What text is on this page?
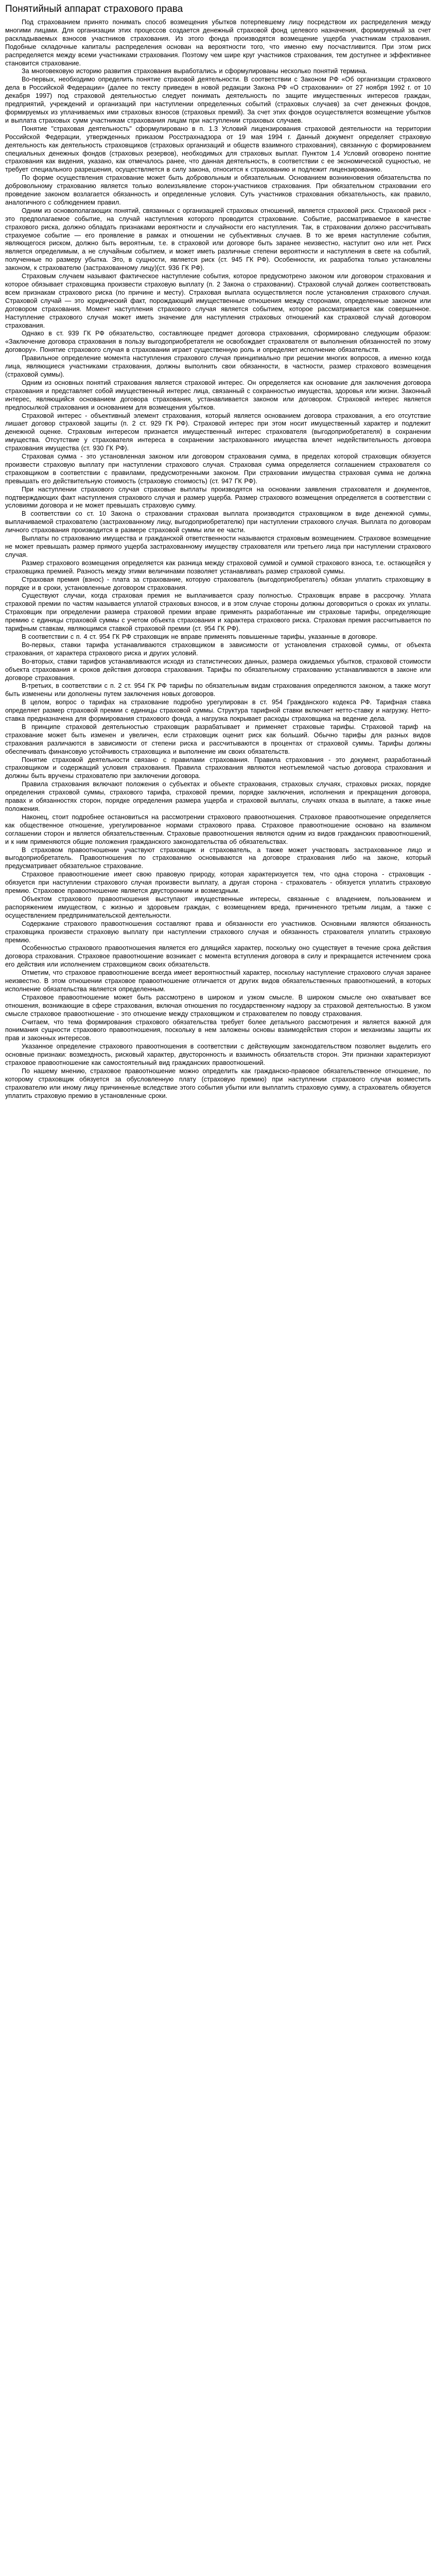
Понятийный аппарат страхового права

Под страхованием принято понимать способ возмещения убытков потерпевшему лицу посредством их распределения между многими лицами. Для организации этих процессов создается денежный страховой фонд целевого назначения, формируемый за счет раскладываемых взносов участников страхования. Из этого фонда производятся возмещение ущерба участникам страхования. Подобные складочные капиталы распределения основан на вероятности того, что именно ему посчастливится. При этом риск распределяется между всеми участниками страхования. Поэтому чем шире круг участников страхования, тем доступнее и эффективнее становится страхование.

За многовековую историю развития страхования выработались и сформулированы несколько понятий термина.

Во-первых, необходимо определить понятие страховой деятельности. В соответствии с Законом РФ «Об организации страхового дела в Российской Федерации» (далее по тексту приведен в новой редакции Закона РФ «О страховании» от 27 ноября 1992 г. от 10 декабря 1997) под страховой деятельностью следует понимать деятельность по защите имущественных интересов граждан, предприятий, учреждений и организаций при наступлении определенных событий (страховых случаев) за счет денежных фондов, формируемых из уплачиваемых ими страховых взносов (страховых премий). За счет этих фондов осуществляется возмещение убытков и выплата страховых сумм участникам страхования лицам при наступлении страховых случаев.

Понятие "страховая деятельность" сформулировано в п. 1.3 Условий лицензирования страховой деятельности на территории Российской Федерации, утвержденных приказом Росстрахнадзора от 19 мая 1994 г. Данный документ определяет страховую деятельность как деятельность страховщиков (страховых организаций и обществ взаимного страхования), связанную с формированием специальных денежных фондов (страховых резервов), необходимых для страховых выплат. Пунктом 1.4 Условий оговорено понятие страхования как видения, указано, как отмечалось ранее, что данная деятельность, в соответствии с ее экономической сущностью, не требует специального разрешения, осуществляется в силу закона, относится к страхованию и подлежит лицензированию.

По форме осуществления страхование может быть добровольным и обязательным. Основанием возникновения обязательства по добровольному страхованию является только волеизъявление сторон-участников страхования. При обязательном страховании его проведение законом возлагается обязанность и определенные условия. Суть участников страхования обязательность, как правило, аналогичного с соблюдением правил.

Одним из основополагающих понятий, связанных с организацией страховых отношений, является страховой риск. Страховой риск - это предполагаемое событие, на случай наступления которого проводится страхование. Событие, рассматриваемое в качестве страхового риска, должно обладать признаками вероятности и случайности его наступления. Так, в страховании должно рассчитывать страхуемое событие — его проявление в рамках и отношении не субъективных случаев. В то же время наступление события, являющегося риском, должно быть вероятным, т.е. в страховой или договоре быть заранее неизвестно, наступит оно или нет. Риск является определимым, а не случайным событием, и может иметь различные степени вероятности и наступления в свете на событий, полученные по размеру убытка. Это, в сущности, является риск (ст. 945 ГК РФ). Особенности, их разработка только установлены законом, к страхователю (застрахованному лицу)(ст. 936 ГК РФ).

Страховым случаем называют фактическое наступление события, которое предусмотрено законом или договором страхования и которое обязывает страховщика произвести страховую выплату (п. 2 Закона о страховании). Страховой случай должен соответствовать всем признакам страхового риска (по причине и месту). Страховая выплата осуществляется после установления страхового случая. Страховой случай — это юридический факт, порождающий имущественные отношения между сторонами, определенные законом или договором страхования. Момент наступления страхового случая является событием, которое рассматривается как совершенное. Наступление страхового случая может иметь значение для наступления страховых отношений как страховой случай договором страхования.

Однако в ст. 939 ГК РФ обязательство, составляющее предмет договора страхования, сформировано следующим образом: «Заключение договора страхования в пользу выгодоприобретателя не освобождает страхователя от выполнения обязанностей по этому договору». Понятие страхового случая в страховании играет существенную роль и определяет исполнение обязательств.

Правильное определение момента наступления страхового случая принципиально при решении многих вопросов, а именно когда лица, являющиеся участниками страхования, должны выполнить свои обязанности, в частности, размер страхового возмещения (страховой суммы).

Одним из основных понятий страхования является страховой интерес. Он определяется как основание для заключения договора страхования и представляет собой имущественный интерес лица, связанный с сохранностью имущества, здоровья или жизни. Законный интерес, являющийся основанием договора страхования, устанавливается законом или договором. Страховой интерес является предпосылкой страхования и основанием для возмещения убытков.

Страховой интерес - объективный элемент страхования, который является основанием договора страхования, а его отсутствие лишает договор страховой защиты (п. 2 ст. 929 ГК РФ). Страховой интерес при этом носит имущественный характер и подлежит денежной оценке. Страховым интересом признается имущественный интерес страхователя (выгодоприобретателя) в сохранении имущества. Отсутствие у страхователя интереса в сохранении застрахованного имущества влечет недействительность договора страхования имущества (ст. 930 ГК РФ).

Страховая сумма - это установленная законом или договором страхования сумма, в пределах которой страховщик обязуется произвести страховую выплату при наступлении страхового случая. Страховая сумма определяется соглашением страхователя со страховщиком в соответствии с правилами, предусмотренными законом. При страховании имущества страховая сумма не должна превышать его действительную стоимость (страховую стоимость) (ст. 947 ГК РФ).

При наступлении страхового случая страховые выплаты производятся на основании заявления страхователя и документов, подтверждающих факт наступления страхового случая и размер ущерба. Размер страхового возмещения определяется в соответствии с условиями договора и не может превышать страховую сумму.

В соответствии со ст. 10 Закона о страховании страховая выплата производится страховщиком в виде денежной суммы, выплачиваемой страхователю (застрахованному лицу, выгодоприобретателю) при наступлении страхового случая. Выплата по договорам личного страхования производится в размере страховой суммы или ее части.

Выплаты по страхованию имущества и гражданской ответственности называются страховым возмещением. Страховое возмещение не может превышать размер прямого ущерба застрахованному имуществу страхователя или третьего лица при наступлении страхового случая.

Размер страхового возмещения определяется как разница между страховой суммой и суммой страхового взноса, т.е. остающейся у страховщика премией. Разность между этими величинами позволяет устанавливать размер страховой суммы.

Страховая премия (взнос) - плата за страхование, которую страхователь (выгодоприобретатель) обязан уплатить страховщику в порядке и в сроки, установленные договором страхования.

Существуют случаи, когда страховая премия не выплачивается сразу полностью. Страховщик вправе в рассрочку. Уплата страховой премии по частям называется уплатой страховых взносов, и в этом случае стороны должны договориться о сроках их уплаты. Страховщик при определении размера страховой премии вправе применять разработанные им страховые тарифы, определяющие премию с единицы страховой суммы с учетом объекта страхования и характера страхового риска. Страховая премия рассчитывается по тарифным ставкам, являющимся ставкой страховой премии (ст. 954 ГК РФ).

В соответствии с п. 4 ст. 954 ГК РФ страховщик не вправе применять повышенные тарифы, указанные в договоре.

Во-первых, ставки тарифа устанавливаются страховщиком в зависимости от установления страховой суммы, от объекта страхования, от характера страхового риска и других условий.

Во-вторых, ставки тарифов устанавливаются исходя из статистических данных, размера ожидаемых убытков, страховой стоимости объекта страхования и сроков действия договора страхования. Тарифы по обязательному страхованию устанавливаются в законе или договоре страхования.

В-третьих, в соответствии с п. 2 ст. 954 ГК РФ тарифы по обязательным видам страхования определяются законом, а также могут быть изменены или дополнены путем заключения новых договоров.

В целом, вопрос о тарифах на страхование подробно урегулирован в ст. 954 Гражданского кодекса РФ. Тарифная ставка определяет размер страховой премии с единицы страховой суммы. Структура тарифной ставки включает нетто-ставку и нагрузку. Нетто-ставка предназначена для формирования страхового фонда, а нагрузка покрывает расходы страховщика на ведение дела.

В принципе страховой деятельностью страховщик разрабатывает и применяет страховые тарифы. Страховой тариф на страхование может быть изменен и увеличен, если страховщик оценит риск как больший. Обычно тарифы для разных видов страхования различаются в зависимости от степени риска и рассчитываются в процентах от страховой суммы. Тарифы должны обеспечивать финансовую устойчивость страховщика и выполнение им своих обязательств.

Понятие страховой деятельности связано с правилами страхования. Правила страхования - это документ, разработанный страховщиком и содержащий условия страхования. Правила страхования являются неотъемлемой частью договора страхования и должны быть вручены страхователю при заключении договора.

Правила страхования включают положения о субъектах и объекте страхования, страховых случаях, страховых рисках, порядке определения страховой суммы, страхового тарифа, страховой премии, порядке заключения, исполнения и прекращения договора, правах и обязанностях сторон, порядке определения размера ущерба и страховой выплаты, случаях отказа в выплате, а также иные положения.

Наконец, стоит подробнее остановиться на рассмотрении страхового правоотношения. Страховое правоотношение определяется как общественное отношение, урегулированное нормами страхового права. Страховое правоотношение основано на взаимном соглашении сторон и является обязательственным. Страховые правоотношения являются одним из видов гражданских правоотношений, и к ним применяются общие положения гражданского законодательства об обязательствах.

В страховом правоотношении участвуют страховщик и страхователь, а также может участвовать застрахованное лицо и выгодоприобретатель. Правоотношения по страхованию основываются на договоре страхования либо на законе, который предусматривает обязательное страхование.

Страховое правоотношение имеет свою правовую природу, которая характеризуется тем, что одна сторона - страховщик - обязуется при наступлении страхового случая произвести выплату, а другая сторона - страхователь - обязуется уплатить страховую премию. Страховое правоотношение является двусторонним и возмездным.

Объектом страхового правоотношения выступают имущественные интересы, связанные с владением, пользованием и распоряжением имуществом, с жизнью и здоровьем граждан, с возмещением вреда, причиненного третьим лицам, а также с осуществлением предпринимательской деятельности.

Содержание страхового правоотношения составляют права и обязанности его участников. Основными являются обязанность страховщика произвести страховую выплату при наступлении страхового случая и обязанность страхователя уплатить страховую премию.

Особенностью страхового правоотношения является его длящийся характер, поскольку оно существует в течение срока действия договора страхования. Страховое правоотношение возникает с момента вступления договора в силу и прекращается истечением срока его действия или исполнением страховщиком своих обязательств.

Отметим, что страховое правоотношение всегда имеет вероятностный характер, поскольку наступление страхового случая заранее неизвестно. В этом отношении страховое правоотношение отличается от других видов обязательственных правоотношений, в которых исполнение обязательства является определенным.

Страховое правоотношение может быть рассмотрено в широком и узком смысле. В широком смысле оно охватывает все отношения, возникающие в сфере страхования, включая отношения по государственному надзору за страховой деятельностью. В узком смысле страховое правоотношение - это отношение между страховщиком и страхователем по поводу страхования.

Считаем, что тема формирования страхового обязательства требует более детального рассмотрения и является важной для понимания сущности страхового правоотношения, поскольку в нем заложены основы взаимодействия сторон и механизмы защиты их прав и законных интересов.

Указанное определение страхового правоотношения в соответствии с действующим законодательством позволяет выделить его основные признаки: возмездность, рисковый характер, двусторонность и взаимность обязательств сторон. Эти признаки характеризуют страховое правоотношение как самостоятельный вид гражданских правоотношений.

По нашему мнению, страховое правоотношение можно определить как гражданско-правовое обязательственное отношение, по которому страховщик обязуется за обусловленную плату (страховую премию) при наступлении страхового случая возместить страхователю или иному лицу причиненные вследствие этого события убытки или выплатить страховую сумму, а страхователь обязуется уплатить страховую премию в установленные сроки.
